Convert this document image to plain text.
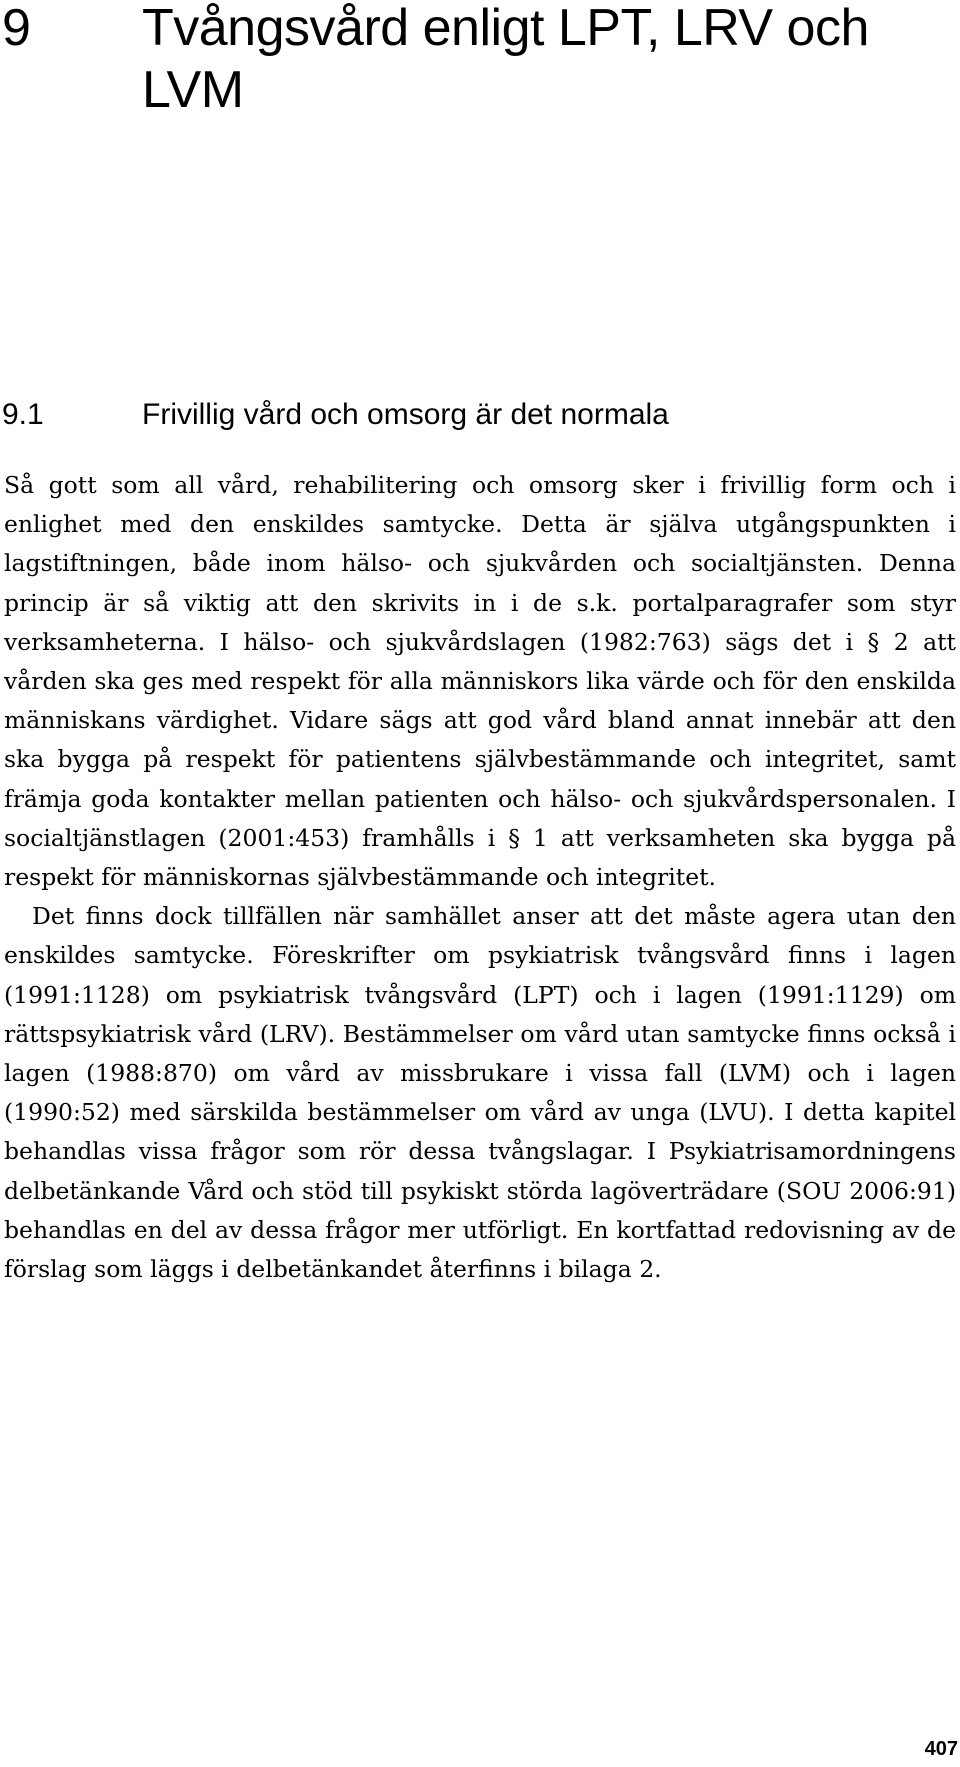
9 Tvångsvård enligt LPT, LRV och LVM
9.1	Frivillig vård och omsorg är det normala

Så gott som all vård, rehabilitering och omsorg sker i frivillig form och i enlighet med den enskildes samtycke. Detta är själva utgångspunkten i lagstiftningen, både inom hälso- och sjukvården och socialtjänsten. Denna princip är så viktig att den skrivits in i de s.k. portalparagrafer som styr verksamheterna. I hälso- och sjukvårdslagen (1982:763) sägs det i § 2 att vården ska ges med respekt för alla människors lika värde och för den enskilda människans värdighet. Vidare sägs att god vård bland annat innebär att den ska bygga på respekt för patientens självbestämmande och integritet, samt främja goda kontakter mellan patienten och hälso- och sjukvårdspersonalen. I socialtjänstlagen (2001:453) framhålls i § 1 att verksamheten ska bygga på respekt för människornas självbestämmande och integritet.

Det finns dock tillfällen när samhället anser att det måste agera utan den enskildes samtycke. Föreskrifter om psykiatrisk tvångsvård finns i lagen (1991:1128) om psykiatrisk tvångsvård (LPT) och i lagen (1991:1129) om rättspsykiatrisk vård (LRV). Bestämmelser om vård utan samtycke finns också i lagen (1988:870) om vård av missbrukare i vissa fall (LVM) och i lagen (1990:52) med särskilda bestämmelser om vård av unga (LVU). I detta kapitel behandlas vissa frågor som rör dessa tvångslagar. I Psykiatrisamordningens delbetänkande Vård och stöd till psykiskt störda lagöverträdare (SOU 2006:91) behandlas en del av dessa frågor mer utförligt. En kortfattad redovisning av de förslag som läggs i delbetänkandet återfinns i bilaga 2.

407
